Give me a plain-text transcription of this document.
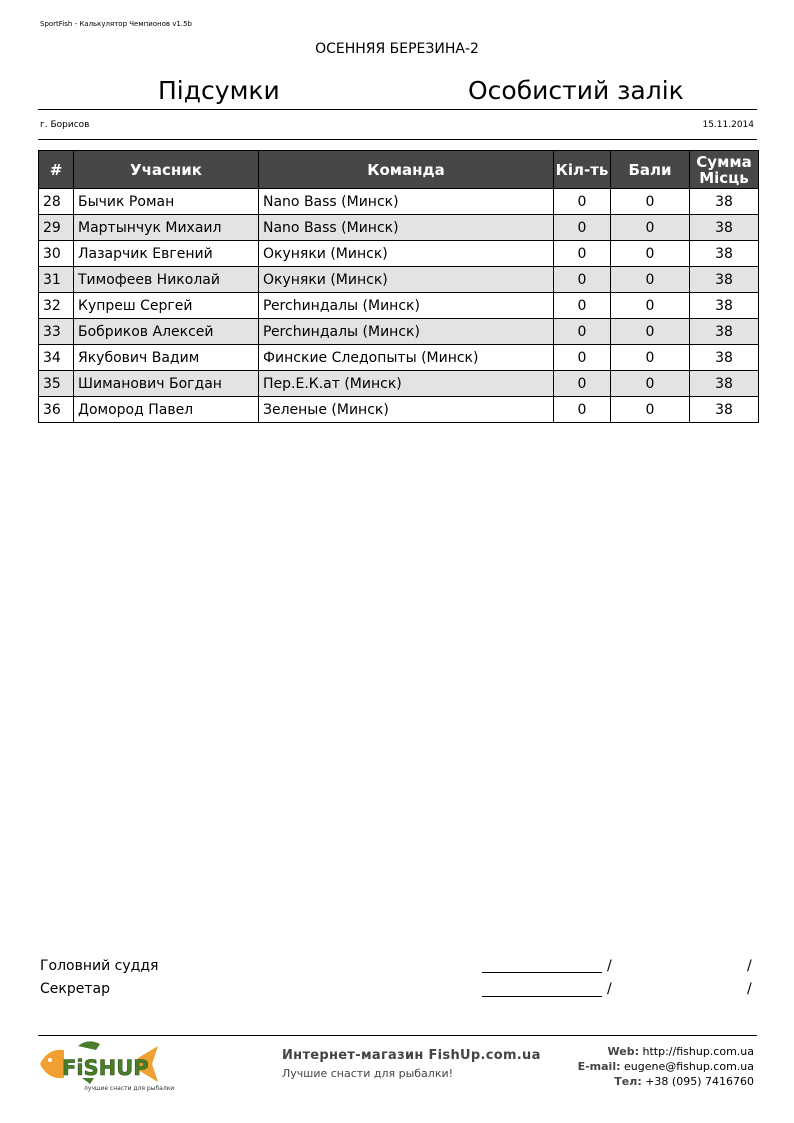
SportFish - Калькулятор Чемпионов v1.5b
ОСЕННЯЯ БЕРЕЗИНА-2
Підсумки	Особистий залік
г. Борисов	15.11.2014
#	Учасник	Команда	Кіл-ть	Бали	Сумма
Місць
28	Бычик Роман	Nano Bass (Минск)	0	0	38
29	Мартынчук Михаил	Nano Bass (Минск)	0	0	38
30	Лазарчик Евгений	Окуняки (Минск)	0	0	38
31	Тимофеев Николай	Окуняки (Минск)	0	0	38
32	Купреш Сергей	Perchиндалы (Минск)	0	0	38
33	Бобриков Алексей	Perchиндалы (Минск)	0	0	38
34	Якубович Вадим	Финские Следопыты (Минск)	0	0	38
35	Шиманович Богдан	Пер.Е.К.ат (Минск)	0	0	38
36	Домород Павел	Зеленые (Минск)	0	0	38
Головний суддя	/	/
Секретар	/	/
FiSHUP
лучшие снасти для рыбалки
Интернет-магазин FishUp.com.ua
Лучшие снасти для рыбалки!
Web: http://fishup.com.ua
E-mail: eugene@fishup.com.ua
Тел: +38 (095) 7416760
